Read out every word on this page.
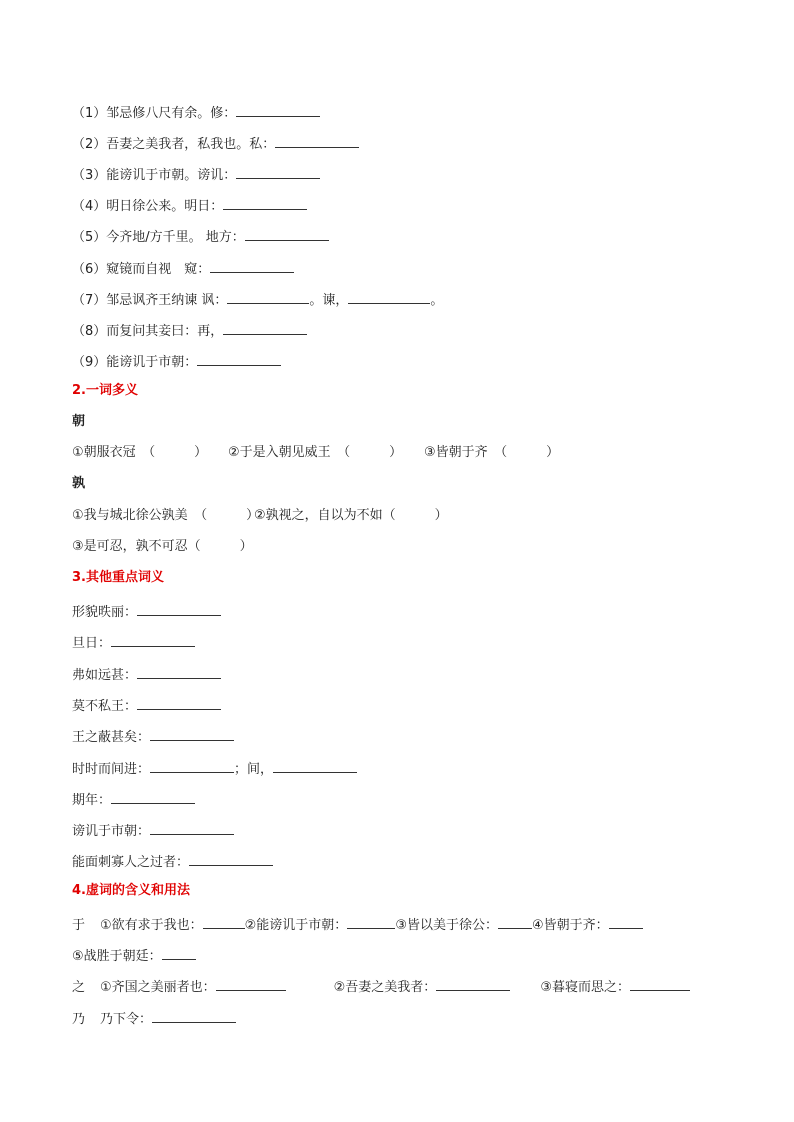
（1）邹忌修八尺有余。修：
（2）吾妻之美我者，私我也。私：
（3）能谤讥于市朝。谤讥：
（4）明日徐公来。明日：
（5）今齐地/方千里。 地方：
（6）窥镜而自视　窥：
（7）邹忌讽齐王纳谏 讽：	。谏，	。
（8）而复问其妾曰：再，
（9）能谤讥于市朝：
2.一词多义
朝
①朝服衣冠　（　　　） ②于是入朝见威王　（　　　） ③皆朝于齐　（　　　）
孰
①我与城北徐公孰美　（　　　）②孰视之，自以为不如（　　　）
③是可忍，孰不可忍（　　　）
3.其他重点词义
形貌昳丽：
旦日：
弗如远甚：
莫不私王：
王之蔽甚矣：
时时而间进：	；间，
期年：
谤讥于市朝：
能面刺寡人之过者：
4.虚词的含义和用法
于 ①欲有求于我也：	②能谤讥于市朝：	③皆以美于徐公：	④皆朝于齐：
⑤战胜于朝廷：
之 ①齐国之美丽者也：	②吾妻之美我者：	③暮寝而思之：
乃 乃下令：
